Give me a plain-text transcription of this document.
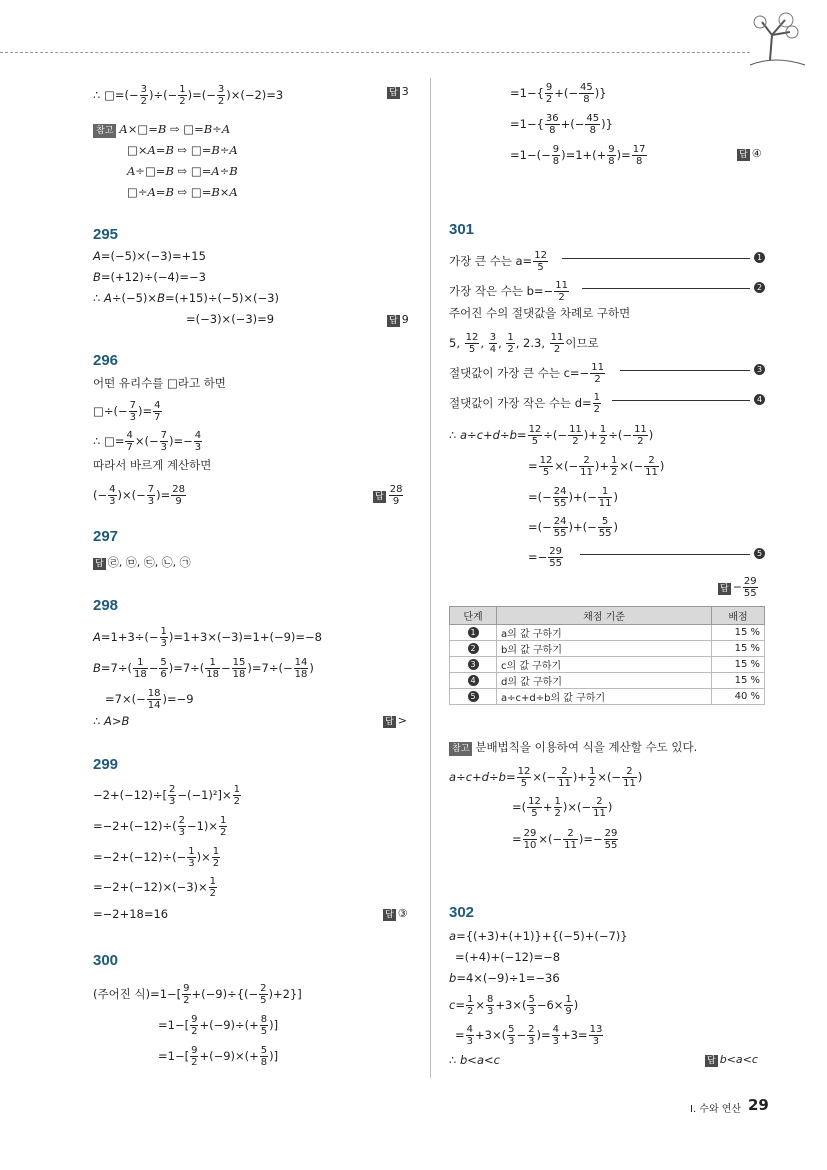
∴ □=(− $\frac{3}{2}$ )÷(− $\frac{1}{2}$ )=(− $\frac{3}{2} )\times(-2)=3$	답 3
참고 A×□=B ⇨ □=B÷A
□×A=B ⇨ □=B÷A
A÷□=B ⇨ □=A÷B
□÷A=B ⇨ □=B×A
295
A=(−5)×(−3)=+15
B=(+12)÷(−4)=−3
∴ A÷(−5)×B=(+15)÷(−5)×(−3)
=(−3)×(−3)=9	답 9
296
어떤 유리수를 □라고 하면
□÷(− $\frac{7}{3}$ )= $\frac{4}{7}$
∴ □= $\frac{4}{7}$ ×(− $\frac{7}{3}$ )=− $\frac{4}{3}$
따라서 바르게 계산하면
(− $\frac{4}{3}$ )×(− $\frac{7}{3}$ )= $\frac{28}{9}$	답 $\frac{28}{9}$
297
답 ㉣, ㉤, ㉢, ㉡, ㉠
298
$A=1+3\div(- \frac{1}{3} )=1+3\times(-3)=1+(-9)=-8$
$B=7\div( \frac{1}{18} - \frac{5}{6} )=7\div( \frac{1}{18} - \frac{15}{18} )=7\div(- \frac{14}{18}$ )
$=7\times(- \frac{18}{14} )=-9$
∴ A>B	답 >
299
$-2+(-12)\div[ \frac{2}{3} -(-1)^2]\times \frac{1}{2}$
$=-2+(-12)\div( \frac{2}{3} -1)\times \frac{1}{2}$
$=-2+(-12)\div(- \frac{1}{3}$ )× $\frac{1}{2}$
$=-2+(-12)\times(-3)\times \frac{1}{2}$
=−2+18=16	답 ③
300
(주어진 식)$=1-[ \frac{9}{2} +(-9)\div\{(- \frac{2}{5} )+2\}]$
$=1-[ \frac{9}{2} +(-9)\div(+ \frac{8}{5}$ )]
$=1-[ \frac{9}{2} +(-9)\times(+ \frac{5}{8}$ )]
$=1-\{ \frac{9}{2}$ +(− $\frac{45}{8}$ )}
$=1-\{ \frac{36}{8}$ +(− $\frac{45}{8}$ )}
$=1-(- \frac{9}{8} )=1+(+ \frac{9}{8}$ )= $\frac{17}{8}$	답 ④
301
가장 큰 수는 $a= \frac{12}{5}$	1
가장 작은 수는 $b=- \frac{11}{2}$	2
주어진 수의 절댓값을 차례로 구하면
5, $\frac{12}{5}$ , $\frac{3}{4}$ , $\frac{1}{2}$ , 2.3, $\frac{11}{2}$ 이므로
절댓값이 가장 큰 수는 $c=- \frac{11}{2}$	3
절댓값이 가장 작은 수는 $d= \frac{1}{2}$	4
∴ $a\div c+d\div b= \frac{12}{5}$ ÷(− $\frac{11}{2}$ )+ $\frac{1}{2}$ ÷(− $\frac{11}{2}$ )
= $\frac{12}{5}$ ×(− $\frac{2}{11}$ )+ $\frac{1}{2}$ ×(− $\frac{2}{11}$ )
=(− $\frac{24}{55}$ )+(− $\frac{1}{11}$ )
=(− $\frac{24}{55}$ )+(− $\frac{5}{55}$ )
=− $\frac{29}{55}$	5
답 − $\frac{29}{55}$
단계	채점 기준	배점
1	a의 값 구하기	15 %
2	b의 값 구하기	15 %
3	c의 값 구하기	15 %
4	d의 값 구하기	15 %
5	a÷c+d÷b의 값 구하기	40 %
참고 분배법칙을 이용하여 식을 계산할 수도 있다.
$a\div c+d\div b= \frac{12}{5}$ ×(− $\frac{2}{11}$ )+ $\frac{1}{2}$ ×(− $\frac{2}{11}$ )
=( $\frac{12}{5} + \frac{1}{2}$ )×(− $\frac{2}{11}$ )
= $\frac{29}{10}$ ×(− $\frac{2}{11}$ )=− $\frac{29}{55}$
302
a={(+3)+(+1)}+{(−5)+(−7)}
=(+4)+(−12)=−8
b=4×(−9)÷1=−36
$c= \frac{1}{2} \times \frac{8}{3} +3\times( \frac{5}{3} -6\times \frac{1}{9}$ )
= $\frac{4}{3} +3\times( \frac{5}{3} - \frac{2}{3}$ )= $\frac{4}{3} +3= \frac{13}{3}$
∴ b<a<c	답 b<a<c
I. 수와 연산 29
